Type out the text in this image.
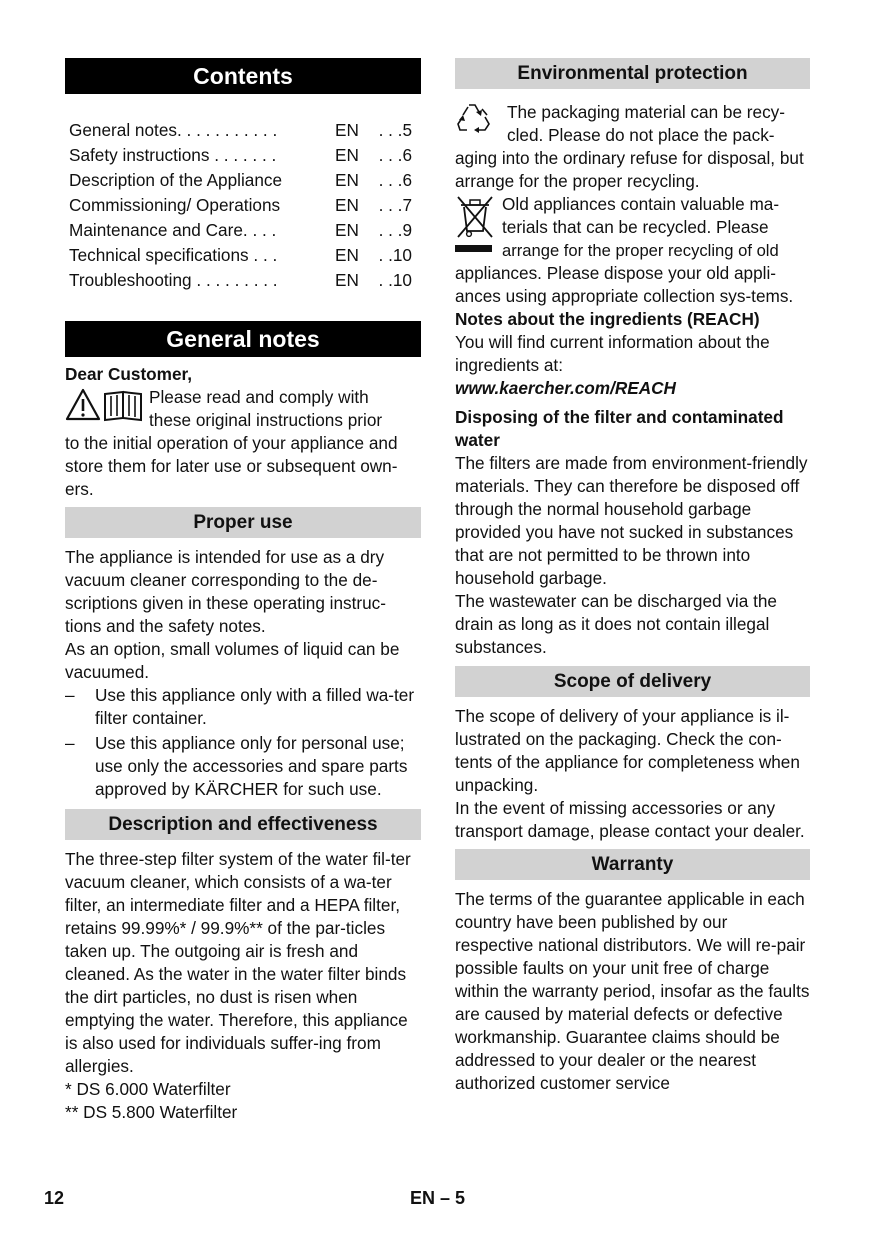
Contents
General notes. . . . . . . . . . .	EN . . .5
Safety instructions . . . . . . .	EN . . .6
Description of the Appliance	EN . . .6
Commissioning/ Operations	EN . . .7
Maintenance and Care. . . .	EN . . .9
Technical specifications . . .	EN . .10
Troubleshooting . . . . . . . . .	EN . .10
General notes

Dear Customer,

Please read and comply with

these original instructions prior

to the initial operation of your appliance and store them for later use or subsequent own-ers.

Proper use

The appliance is intended for use as a dry vacuum cleaner corresponding to the de-scriptions given in these operating instruc-tions and the safety notes.

As an option, small volumes of liquid can be vacuumed.

– Use this appliance only with a filled wa-ter filter container.
– Use this appliance only for personal use; use only the accessories and spare parts approved by KÄRCHER for such use.
Description and effectiveness

The three-step filter system of the water fil-ter vacuum cleaner, which consists of a wa-ter filter, an intermediate filter and a HEPA filter, retains 99.99%* / 99.9%** of the par-ticles taken up. The outgoing air is fresh and cleaned. As the water in the water filter binds the dirt particles, no dust is risen when emptying the water. Therefore, this appliance is also used for individuals suffer-ing from allergies.

* DS 6.000 Waterfilter

** DS 5.800 Waterfilter

Environmental protection

The packaging material can be recy-

cled. Please do not place the pack-

aging into the ordinary refuse for disposal, but arrange for the proper recycling.

Old appliances contain valuable ma-

terials that can be recycled. Please

arrange for the proper recycling of old

appliances. Please dispose your old appli-ances using appropriate collection sys-tems.

Notes about the ingredients (REACH)

You will find current information about the ingredients at:

www.kaercher.com/REACH

Disposing of the filter and contaminated water

The filters are made from environment-friendly materials. They can therefore be disposed off through the normal household garbage provided you have not sucked in substances that are not permitted to be thrown into household garbage.

The wastewater can be discharged via the drain as long as it does not contain illegal substances.

Scope of delivery

The scope of delivery of your appliance is il-lustrated on the packaging. Check the con-tents of the appliance for completeness when unpacking.

In the event of missing accessories or any transport damage, please contact your dealer.

Warranty

The terms of the guarantee applicable in each country have been published by our respective national distributors. We will re-pair possible faults on your unit free of charge within the warranty period, insofar as the faults are caused by material defects or defective workmanship. Guarantee claims should be addressed to your dealer or the nearest authorized customer service

12	EN – 5
